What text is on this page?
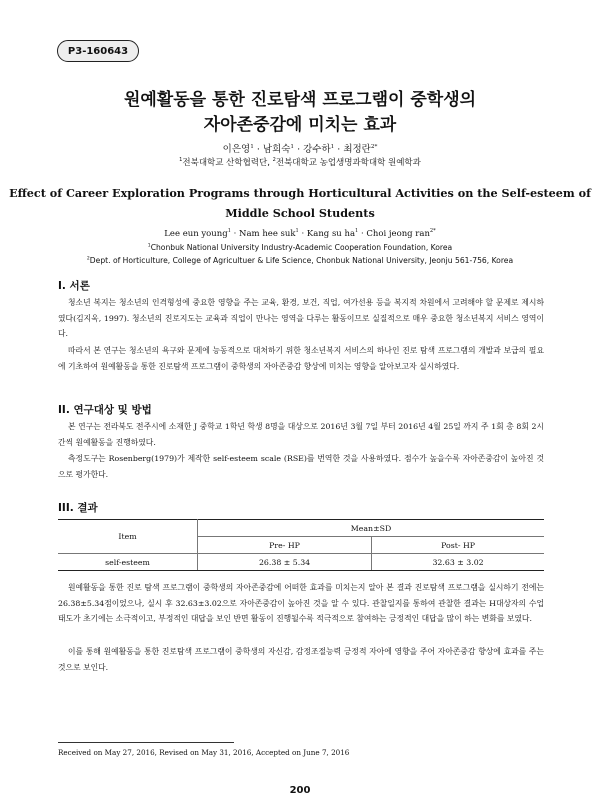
P3-160643
원예활동을 통한 진로탐색 프로그램이 중학생의
자아존중감에 미치는 효과
이은영$^1$ · 남희숙$^1$ · 강수하$^1$ · 최정란$^{2*}$
$^1$전북대학교 산학협력단, $^2$전북대학교 농업생명과학대학 원예학과
Effect of Career Exploration Programs through Horticultural Activities on the Self-esteem of
Middle School Students
Lee eun young$^1$ · Nam hee suk$^1$ · Kang su $ha^1$ · Choi jeong ran$^{2*}$
$^1$Chonbuk National University Industry-Academic Cooperation Foundation, Korea
$^2$Dept. of Horticulture, College of Agricultuer & Life Science, Chonbuk National University, Jeonju 561-756, Korea
I. 서론

청소년 복지는 청소년의 인격형성에 중요한 영향을 주는 교육, 환경, 보건, 직업, 여가선용 등을 복지적 차원에서 고려해야 할 문제로 제시하였다(김지욱, 1997). 청소년의 진로지도는 교육과 직업이 만나는 영역을 다루는 활동이므로 실질적으로 매우 중요한 청소년복지 서비스 영역이다.

따라서 본 연구는 청소년의 욕구와 문제에 능동적으로 대처하기 위한 청소년복지 서비스의 하나인 진로 탐색 프로그램의 개발과 보급의 필요에 기초하여 원예활동을 통한 진로탐색 프로그램이 중학생의 자아존중감 향상에 미치는 영향을 알아보고자 실시하였다.

II. 연구대상 및 방법

본 연구는 전라북도 전주시에 소재한 J 중학교 1학년 학생 8명을 대상으로 2016년 3월 7일 부터 2016년 4월 25일 까지 주 1회 총 8회 2시간씩 원예활동을 진행하였다.

측정도구는 Rosenberg(1979)가 제작한 self-esteem scale (RSE)를 번역한 것을 사용하였다. 점수가 높을수록 자아존중감이 높아진 것으로 평가한다.

III. 결과
Item	Mean±SD	
	Pre- HP	Post- HP
self-esteem	26.38 ± 5.34	32.63 ± 3.02

원예활동을 통한 진로 탐색 프로그램이 중학생의 자아존중감에 어떠한 효과를 미치는지 알아 본 결과 진로탐색 프로그램을 실시하기 전에는 26.38±5.34점이었으나, 실시 후 32.63±3.02으로 자아존중감이 높아진 것을 알 수 있다. 관찰일지를 통하여 관찰한 결과는 H대상자의 수업태도가 초기에는 소극적이고, 부정적인 대답을 보인 반면 활동이 진행될수록 적극적으로 참여하는 긍정적인 대답을 많이 하는 변화를 보였다.

이를 통해 원예활동을 통한 진로탐색 프로그램이 중학생의 자신감, 감정조절능력 긍정적 자아에 영향을 주어 자아존중감 향상에 효과를 주는 것으로 보인다.

Received on May 27, 2016, Revised on May 31, 2016, Accepted on June 7, 2016
200
